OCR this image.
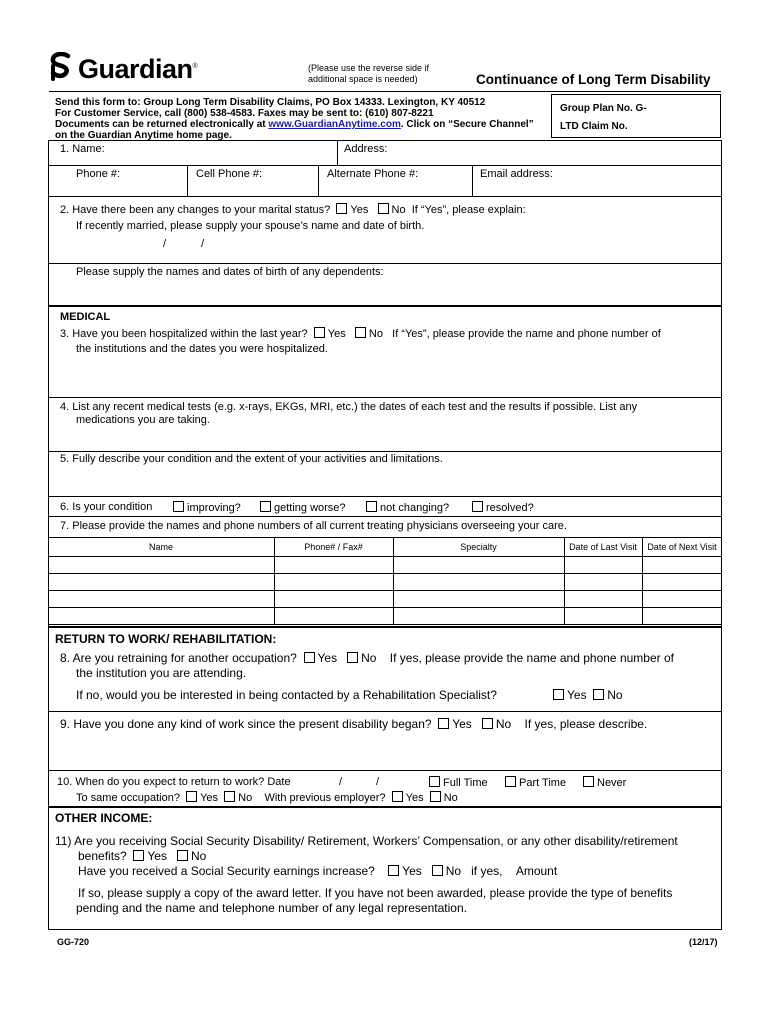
Guardian®	(Please use the reverse side if
additional space is needed)	Continuance of Long Term Disability
Send this form to: Group Long Term Disability Claims, PO Box 14333. Lexington, KY 40512
For Customer Service, call (800) 538-4583. Faxes may be sent to: (610) 807-8221
Documents can be returned electronically at www.GuardianAnytime.com. Click on “Secure Channel”
on the Guardian Anytime home page.
Group Plan No. G-
LTD Claim No.
1. Name:	Address:
Phone #:	Cell Phone #:	Alternate Phone #:	Email address:
2. Have there been any changes to your marital status? Yes No If “Yes”, please explain:
If recently married, please supply your spouse’s name and date of birth.
/	/
Please supply the names and dates of birth of any dependents:
MEDICAL
3. Have you been hospitalized within the last year? Yes No If “Yes”, please provide the name and phone number of
the institutions and the dates you were hospitalized.
4. List any recent medical tests (e.g. x-rays, EKGs, MRI, etc.) the dates of each test and the results if possible. List any
medications you are taking.
5. Fully describe your condition and the extent of your activities and limitations.
6. Is your condition	improving?	getting worse?	not changing?	resolved?
7. Please provide the names and phone numbers of all current treating physicians overseeing your care.
Name	Phone# / Fax#	Specialty	Date of Last Visit	Date of Next Visit
RETURN TO WORK/ REHABILITATION:
8. Are you retraining for another occupation? Yes No If yes, please provide the name and phone number of
the institution you are attending.
If no, would you be interested in being contacted by a Rehabilitation Specialist?	Yes No
9. Have you done any kind of work since the present disability began? Yes No If yes, please describe.
10. When do you expect to return to work? Date	/	/	Full Time	Part Time	Never
To same occupation? Yes No With previous employer? Yes No
OTHER INCOME:
11) Are you receiving Social Security Disability/ Retirement, Workers’ Compensation, or any other disability/retirement
benefits? Yes No
Have you received a Social Security earnings increase? Yes No if yes, Amount
If so, please supply a copy of the award letter. If you have not been awarded, please provide the type of benefits
pending and the name and telephone number of any legal representation.
GG-720	(12/17)
